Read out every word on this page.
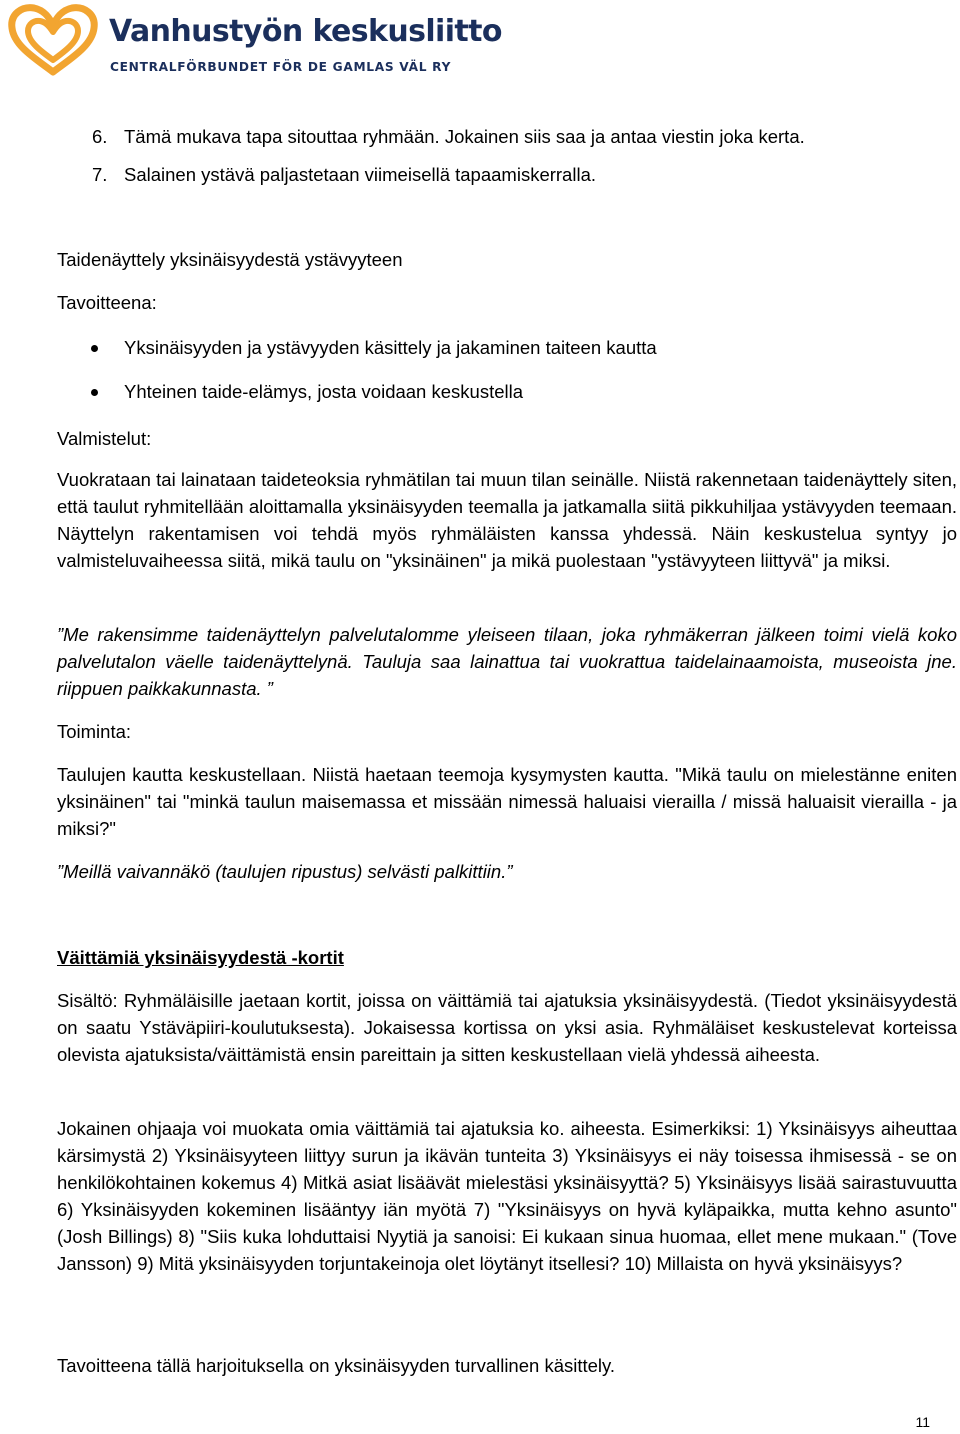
Vanhustyön keskusliitto
CENTRALFÖRBUNDET FÖR DE GAMLAS VÄL RY
6. Tämä mukava tapa sitouttaa ryhmään. Jokainen siis saa ja antaa viestin joka kerta.
7. Salainen ystävä paljastetaan viimeisellä tapaamiskerralla.
Taidenäyttely yksinäisyydestä ystävyyteen
Tavoitteena:
Yksinäisyyden ja ystävyyden käsittely ja jakaminen taiteen kautta
Yhteinen taide-elämys, josta voidaan keskustella
Valmistelut:

Vuokrataan tai lainataan taideteoksia ryhmätilan tai muun tilan seinälle. Niistä rakennetaan taidenäyttely siten, että taulut ryhmitellään aloittamalla yksinäisyyden teemalla ja jatkamalla siitä pikkuhiljaa ystävyyden teemaan. Näyttelyn rakentamisen voi tehdä myös ryhmäläisten kanssa yhdessä. Näin keskustelua syntyy jo valmisteluvaiheessa siitä, mikä taulu on "yksinäinen" ja mikä puolestaan "ystävyyteen liittyvä" ja miksi.

”Me rakensimme taidenäyttelyn palvelutalomme yleiseen tilaan, joka ryhmäkerran jälkeen toimi vielä koko palvelutalon väelle taidenäyttelynä. Tauluja saa lainattua tai vuokrattua taidelainaamoista, museoista jne. riippuen paikkakunnasta. ”

Toiminta:

Taulujen kautta keskustellaan. Niistä haetaan teemoja kysymysten kautta. "Mikä taulu on mielestänne eniten yksinäinen" tai "minkä taulun maisemassa et missään nimessä haluaisi vierailla / missä haluaisit vierailla - ja miksi?"

”Meillä vaivannäkö (taulujen ripustus) selvästi palkittiin.”

Väittämiä yksinäisyydestä -kortit

Sisältö: Ryhmäläisille jaetaan kortit, joissa on väittämiä tai ajatuksia yksinäisyydestä. (Tiedot yksinäisyydestä on saatu Ystäväpiiri-koulutuksesta). Jokaisessa kortissa on yksi asia. Ryhmäläiset keskustelevat korteissa olevista ajatuksista/väittämistä ensin pareittain ja sitten keskustellaan vielä yhdessä aiheesta.

Jokainen ohjaaja voi muokata omia väittämiä tai ajatuksia ko. aiheesta. Esimerkiksi: 1) Yksinäisyys aiheuttaa kärsimystä 2) Yksinäisyyteen liittyy surun ja ikävän tunteita 3) Yksinäisyys ei näy toisessa ihmisessä - se on henkilökohtainen kokemus 4) Mitkä asiat lisäävät mielestäsi yksinäisyyttä? 5) Yksinäisyys lisää sairastuvuutta 6) Yksinäisyyden kokeminen lisääntyy iän myötä 7) "Yksinäisyys on hyvä kyläpaikka, mutta kehno asunto" (Josh Billings) 8) "Siis kuka lohduttaisi Nyytiä ja sanoisi: Ei kukaan sinua huomaa, ellet mene mukaan." (Tove Jansson) 9) Mitä yksinäisyyden torjuntakeinoja olet löytänyt itsellesi? 10) Millaista on hyvä yksinäisyys?

Tavoitteena tällä harjoituksella on yksinäisyyden turvallinen käsittely.

11
